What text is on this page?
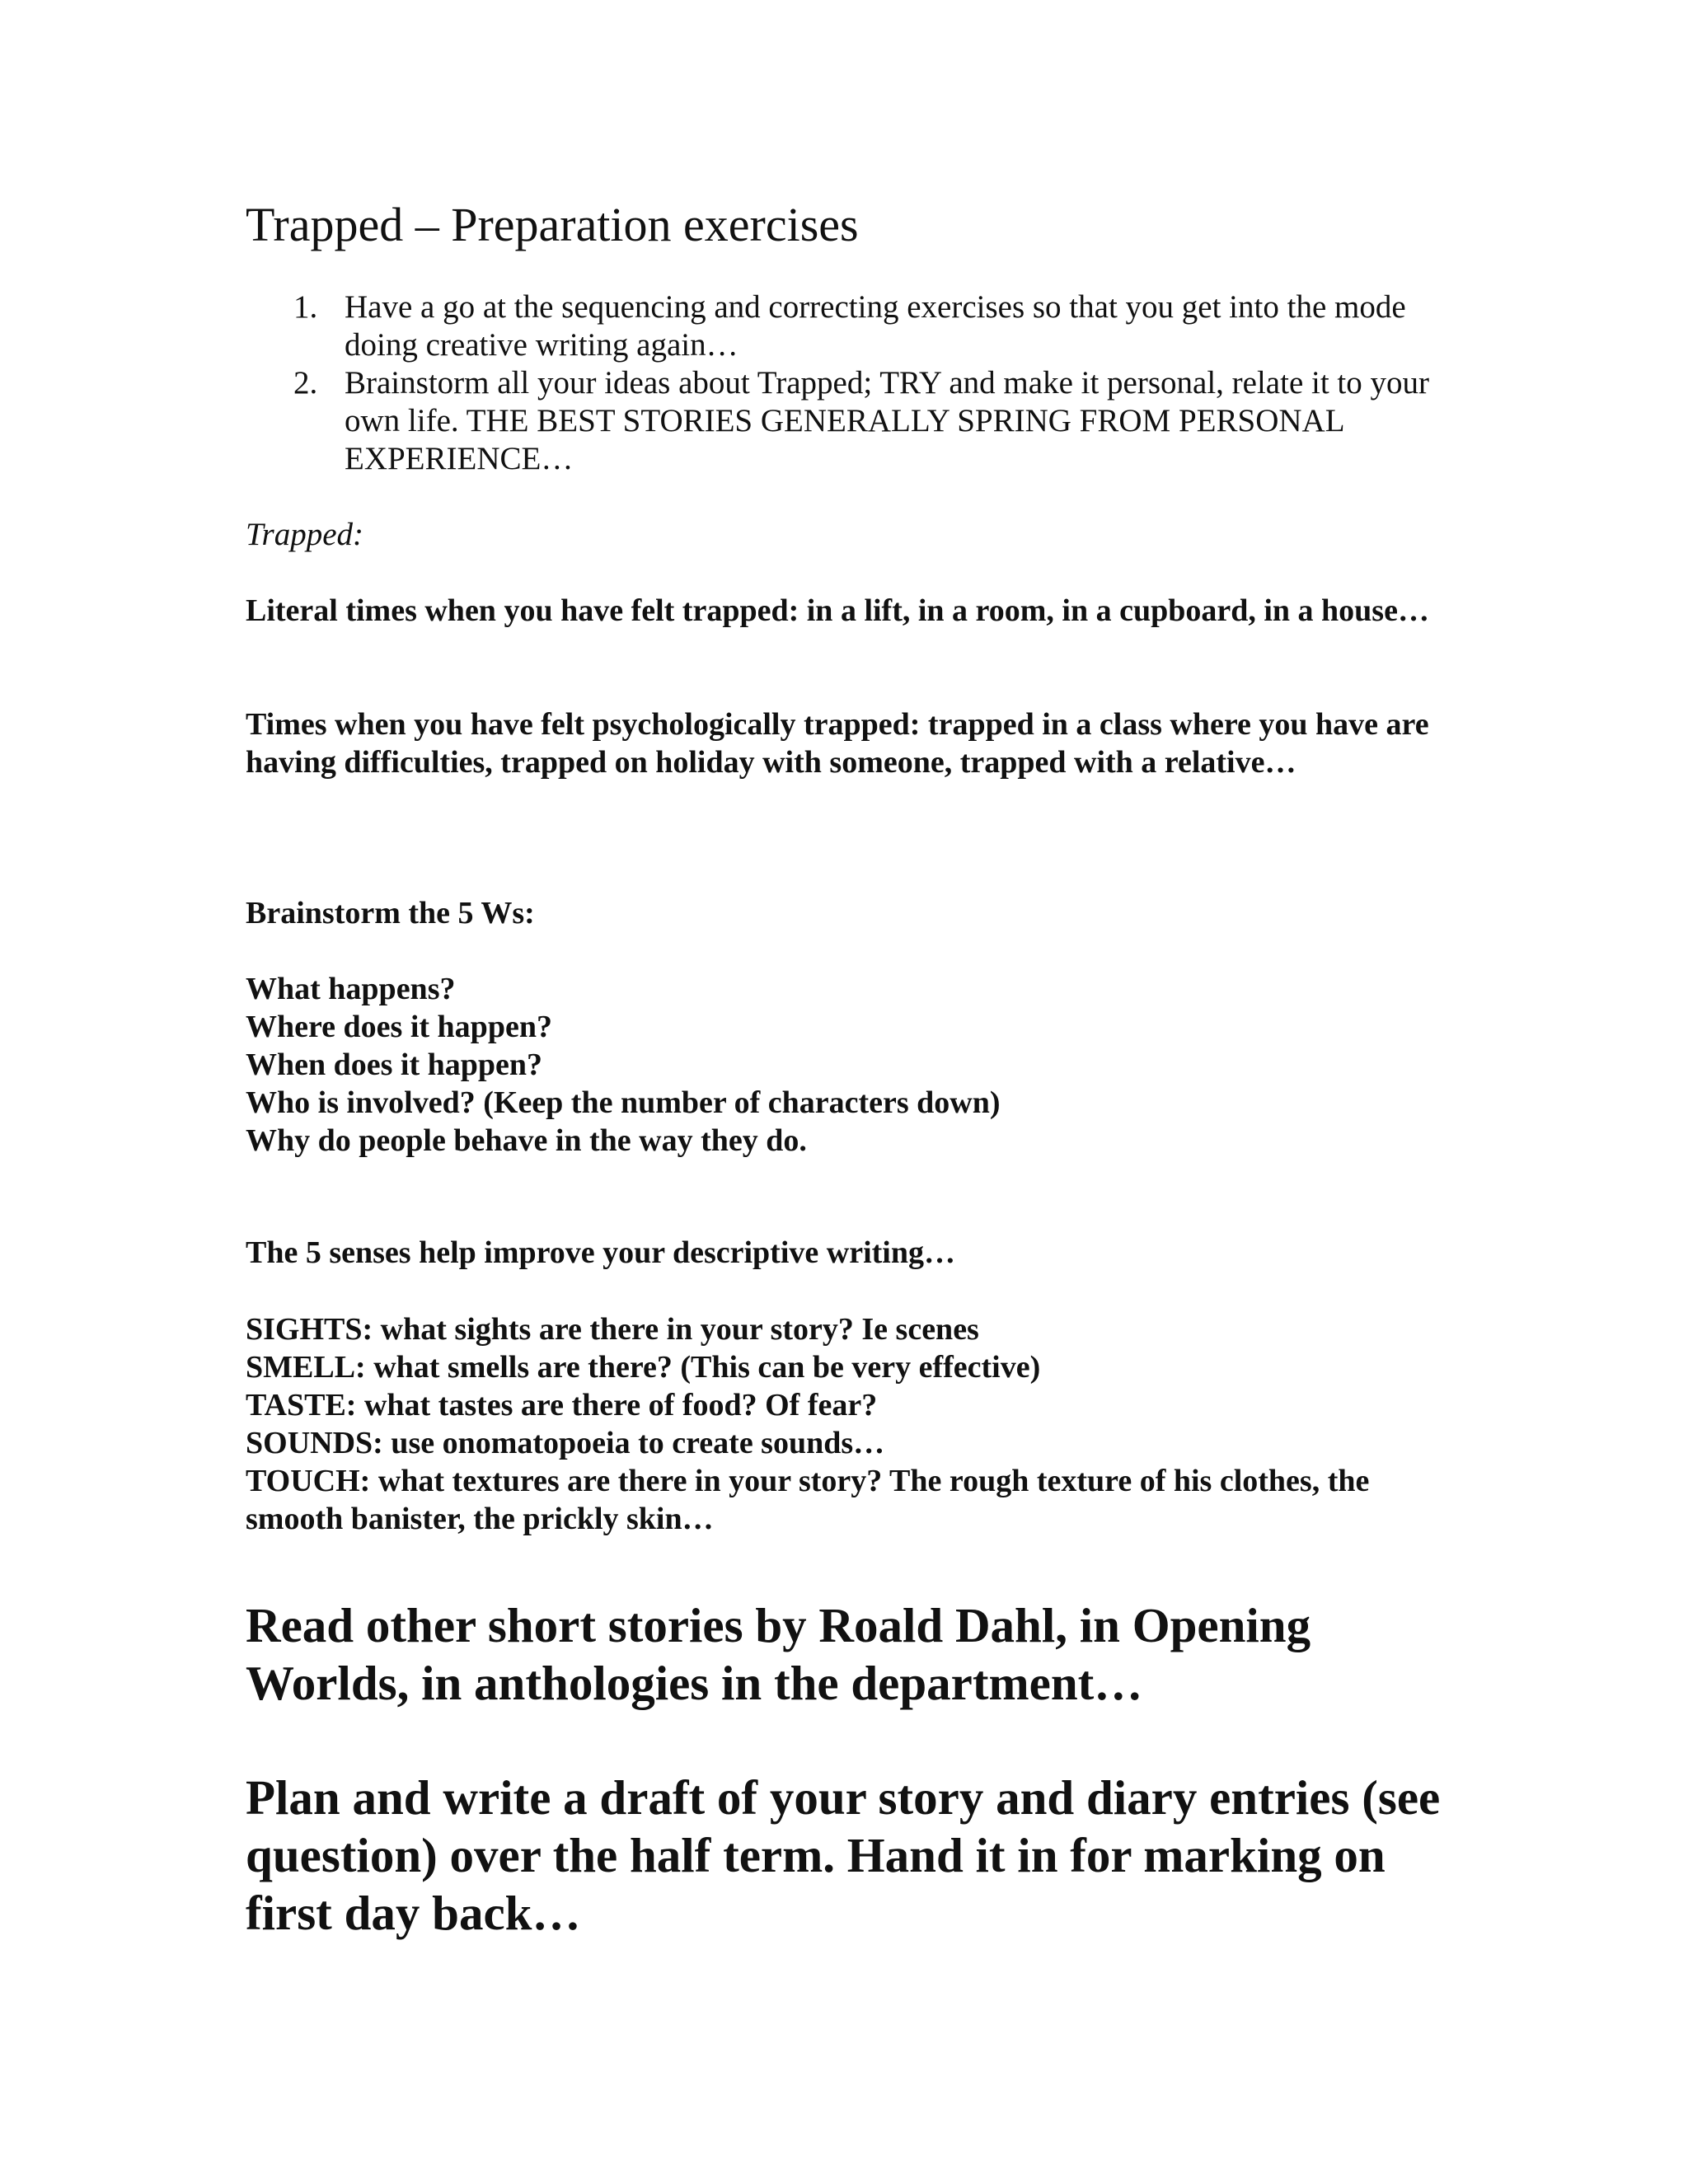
Trapped – Preparation exercises
1. Have a go at the sequencing and correcting exercises so that you get into the mode doing creative writing again…
2. Brainstorm all your ideas about Trapped; TRY and make it personal, relate it to your own life. THE BEST STORIES GENERALLY SPRING FROM PERSONAL EXPERIENCE…
Trapped:

Literal times when you have felt trapped: in a lift, in a room, in a cupboard, in a house…

Times when you have felt psychologically trapped: trapped in a class where you have are having difficulties, trapped on holiday with someone, trapped with a relative…

Brainstorm the 5 Ws:

What happens?
Where does it happen?
When does it happen?
Who is involved? (Keep the number of characters down)
Why do people behave in the way they do.

The 5 senses help improve your descriptive writing…

SIGHTS: what sights are there in your story? Ie scenes
SMELL: what smells are there? (This can be very effective)
TASTE: what tastes are there of food? Of fear?
SOUNDS: use onomatopoeia to create sounds…
TOUCH: what textures are there in your story? The rough texture of his clothes, the smooth banister, the prickly skin…

Read other short stories by Roald Dahl, in Opening Worlds, in anthologies in the department…

Plan and write a draft of your story and diary entries (see question) over the half term. Hand it in for marking on first day back…
